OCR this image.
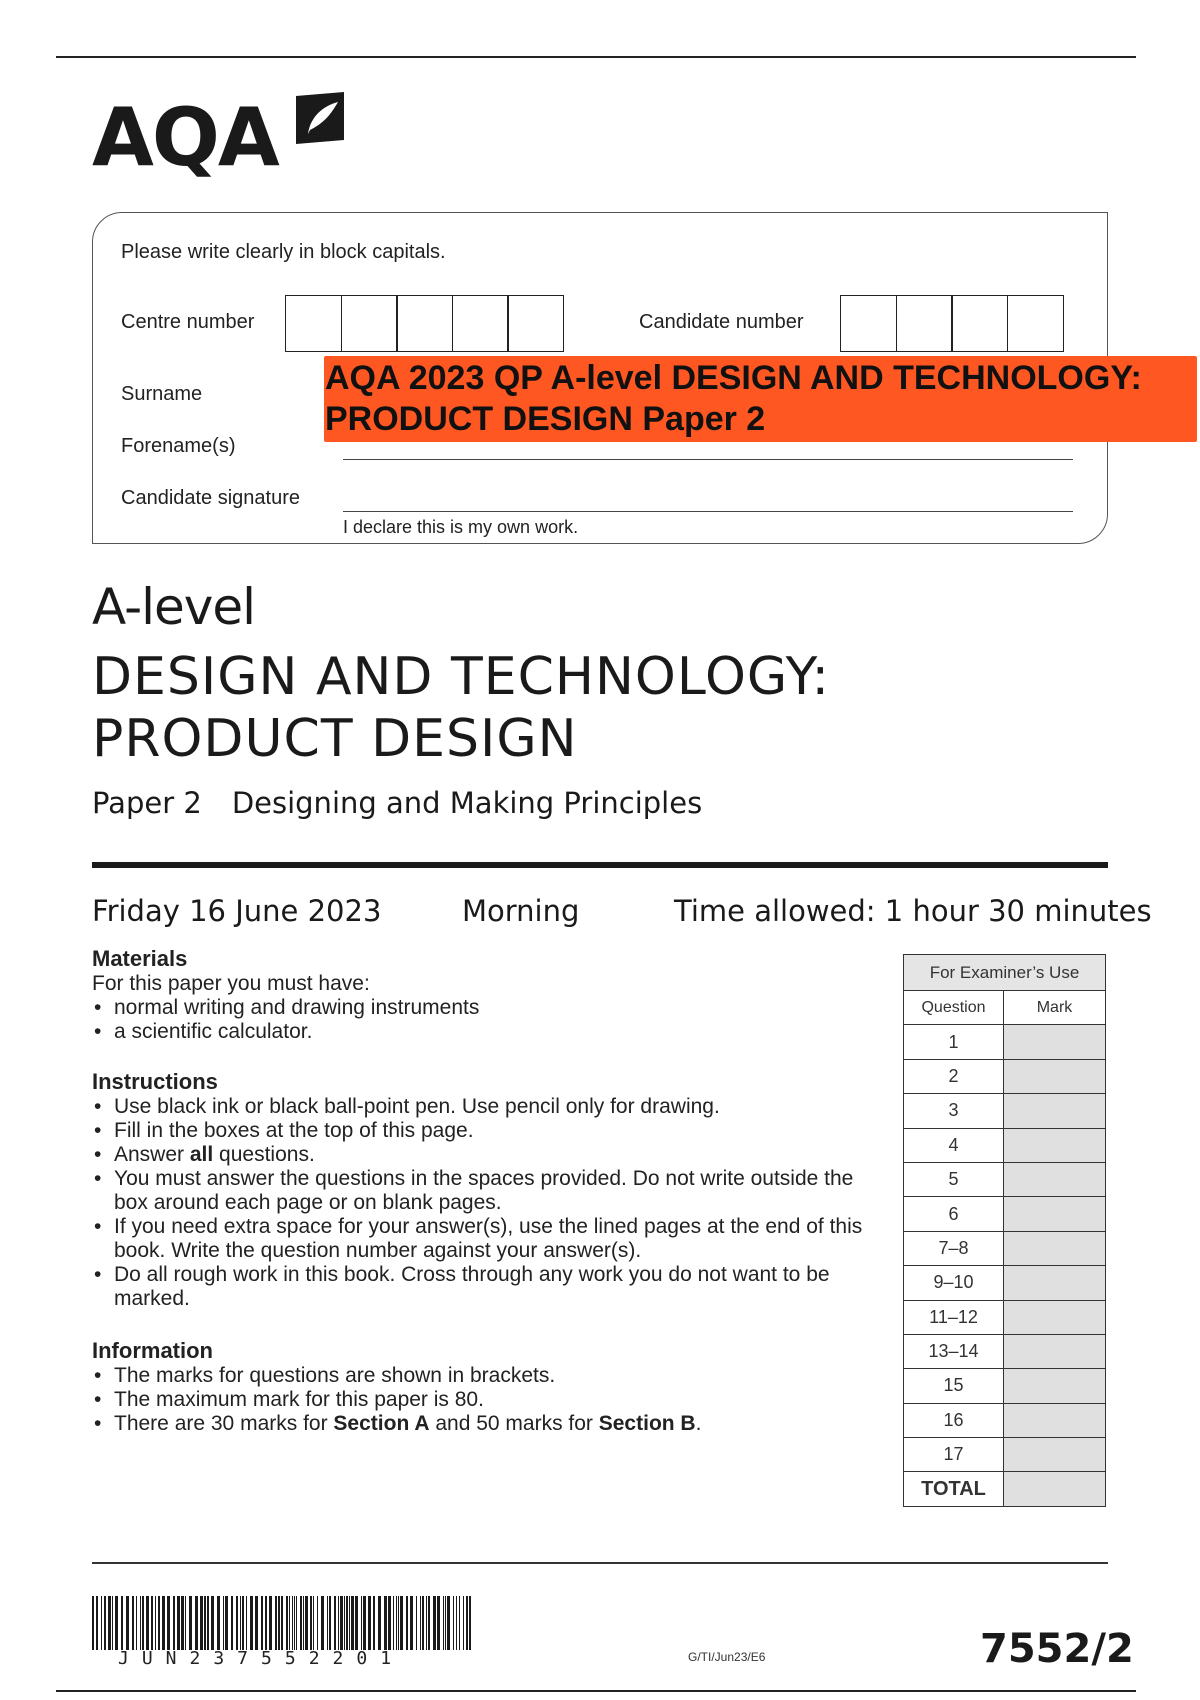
AQA
Please write clearly in block capitals.
Centre number	Candidate number
Surname
Forename(s)
Candidate signature
I declare this is my own work.
AQA 2023 QP A-level DESIGN AND TECHNOLOGY:
PRODUCT DESIGN Paper 2
A-level
DESIGN AND TECHNOLOGY:
PRODUCT DESIGN
Paper 2 Designing and Making Principles
Friday 16 June 2023	Morning	Time allowed: 1 hour 30 minutes
Materials
For this paper you must have:
• normal writing and drawing instruments
• a scientific calculator.
Instructions
• Use black ink or black ball-point pen. Use pencil only for drawing.
• Fill in the boxes at the top of this page.
• Answer all questions.
• You must answer the questions in the spaces provided. Do not write outside the box around each page or on blank pages.
• If you need extra space for your answer(s), use the lined pages at the end of this book. Write the question number against your answer(s).
• Do all rough work in this book. Cross through any work you do not want to be marked.
Information
• The marks for questions are shown in brackets.
• The maximum mark for this paper is 80.
• There are 30 marks for Section A and 50 marks for Section B.
For Examiner’s Use	
Question	Mark
1	
2	
3	
4	
5	
6	
7–8	
9–10	
11–12	
13–14	
15	
16	
17	
TOTAL	
JUN237552201	G/TI/Jun23/E6	7552/2
